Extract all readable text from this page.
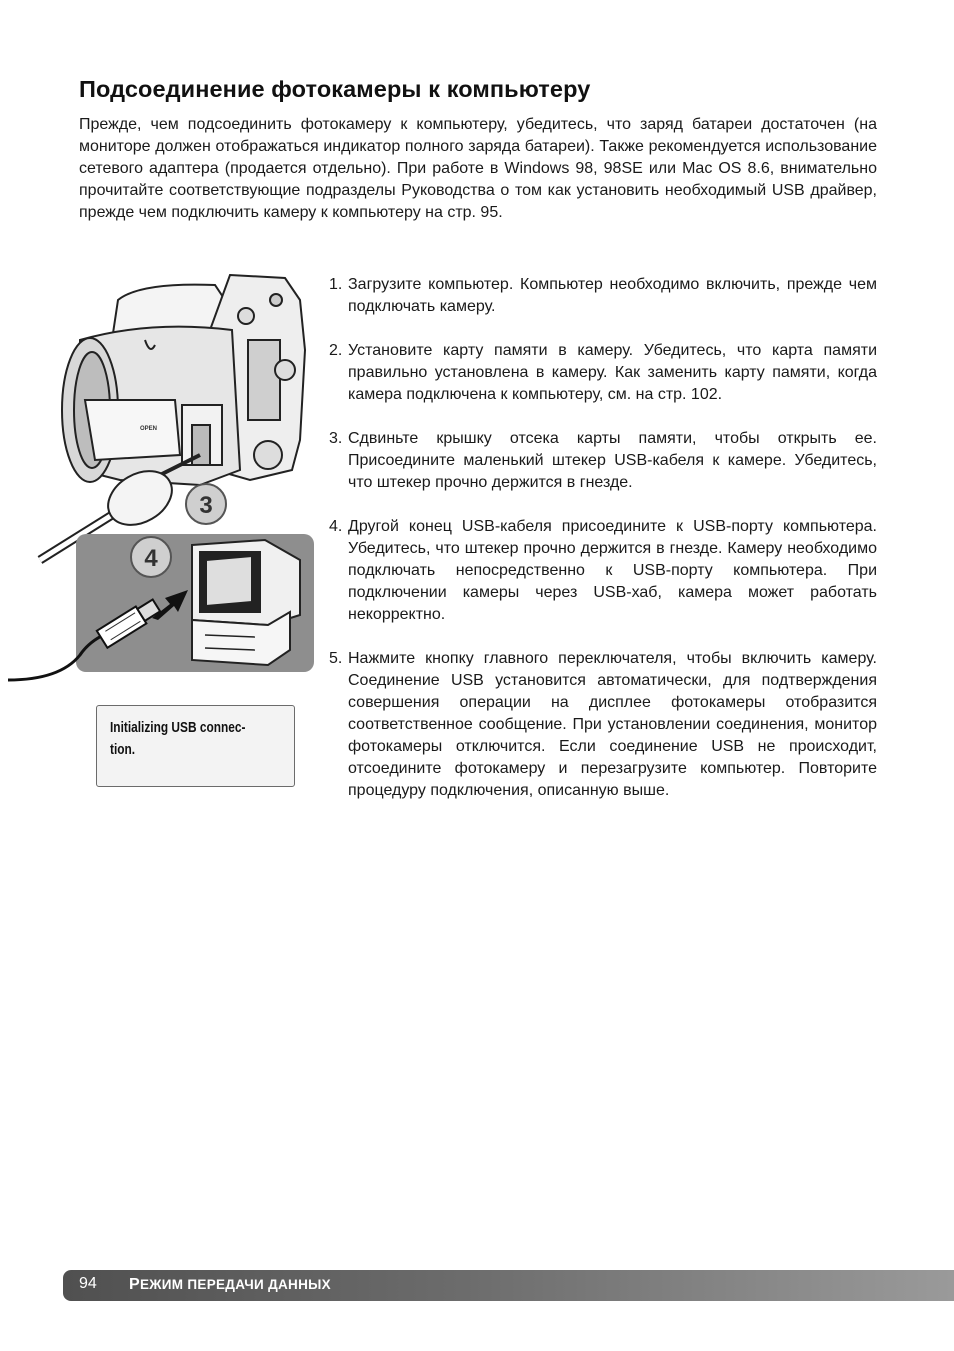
Подсоединение фотокамеры к компьютеру

Прежде, чем подсоединить фотокамеру к компьютеру, убедитесь, что заряд батареи достаточен (на мониторе должен отображаться индикатор полного заряда батареи). Также рекомендуется использование сетевого адаптера (продается отдельно). При работе в Windows 98, 98SE или Mac OS 8.6, внимательно прочитайте соответствующие подразделы Руководства о том как установить необходимый USB драйвер, прежде чем подключить камеру к компьютеру на стр. 95.

OPEN
3
4
Initializing USB connec-
tion.
1. Загрузите компьютер. Компьютер необходимо включить, прежде чем подключать камеру.
2. Установите карту памяти в камеру. Убедитесь, что карта памяти правильно установлена в камеру. Как заменить карту памяти, когда камера подключена к компьютеру, см. на стр. 102.
3. Сдвиньте крышку отсека карты памяти, чтобы открыть ее. Присоедините маленький штекер USB-кабеля к камере. Убедитесь, что штекер прочно держится в гнезде.
4. Другой конец USB-кабеля присоедините к USB-порту компьютера. Убедитесь, что штекер прочно держится в гнезде. Камеру необходимо подключать непосредственно к USB-порту компьютера. При подключении камеры через USB-хаб, камера может работать некорректно.
5. Нажмите кнопку главного переключателя, чтобы включить камеру. Соединение USB установится автоматически, для подтверждения совершения операции на дисплее фотокамеры отобразится соответственное сообщение. При установлении соединения, монитор фотокамеры отключится. Если соединение USB не происходит, отсоедините фотокамеру и перезагрузите компьютер. Повторите процедуру подключения, описанную выше.
94 РЕЖИМ ПЕРЕДАЧИ ДАННЫХ
